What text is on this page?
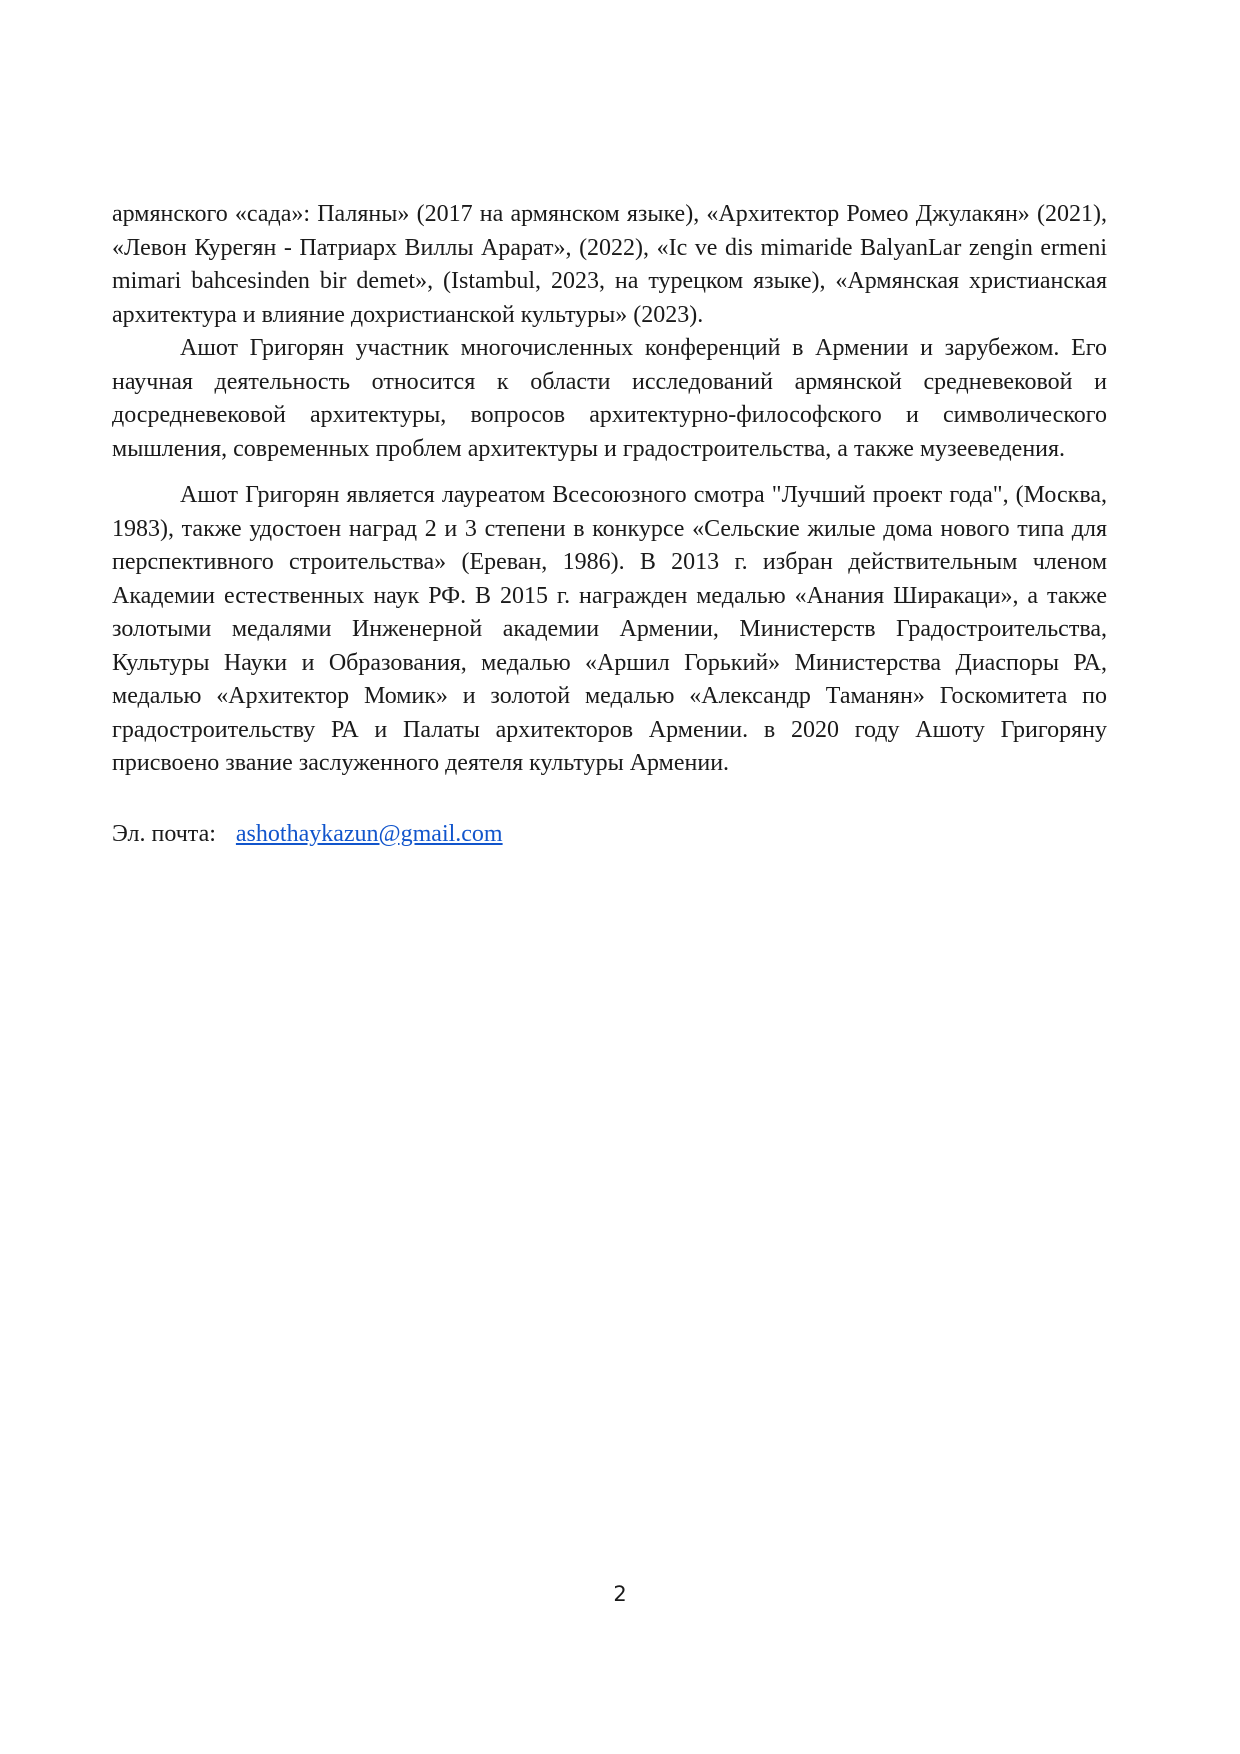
армянского «сада»: Паляны» (2017 на армянском языке), «Архитектор Ромео Джулакян» (2021), «Левон Курегян - Патриарх Виллы Арарат», (2022), «Ic ve dis mimaride BalyanLar zengin ermeni mimari bahcesinden bir demet», (Istambul, 2023, на турецком языке), «Армянская христианская архитектура и влияние дохристианской культуры» (2023).

Ашот Григорян участник многочисленных конференций в Армении и зарубежом. Его научная деятельность относится к области исследований армянской средневековой и досредневековой архитектуры, вопросов архитектурно-философского и символического мышления, современных проблем архитектуры и градостроительства, а также музееведения.

Ашот Григорян является лауреатом Всесоюзного смотра "Лучший проект года", (Москва, 1983), также удостоен наград 2 и 3 степени в конкурсе «Сельские жилые дома нового типа для перспективного строительства» (Ереван, 1986). В 2013 г. избран действительным членом Академии естественных наук РФ. В 2015 г. награжден медалью «Анания Ширакаци», а также золотыми медалями Инженерной академии Армении, Министерств Градостроительства, Культуры Науки и Образования, медалью «Аршил Горький» Министерства Диаспоры РА, медалью «Архитектор Момик» и золотой медалью «Александр Таманян» Госкомитета по градостроительству РА и Палаты архитекторов Армении. в 2020 году Ашоту Григоряну присвоено звание заслуженного деятеля культуры Армении.

Эл. почта: ashothaykazun@gmail.com
2
